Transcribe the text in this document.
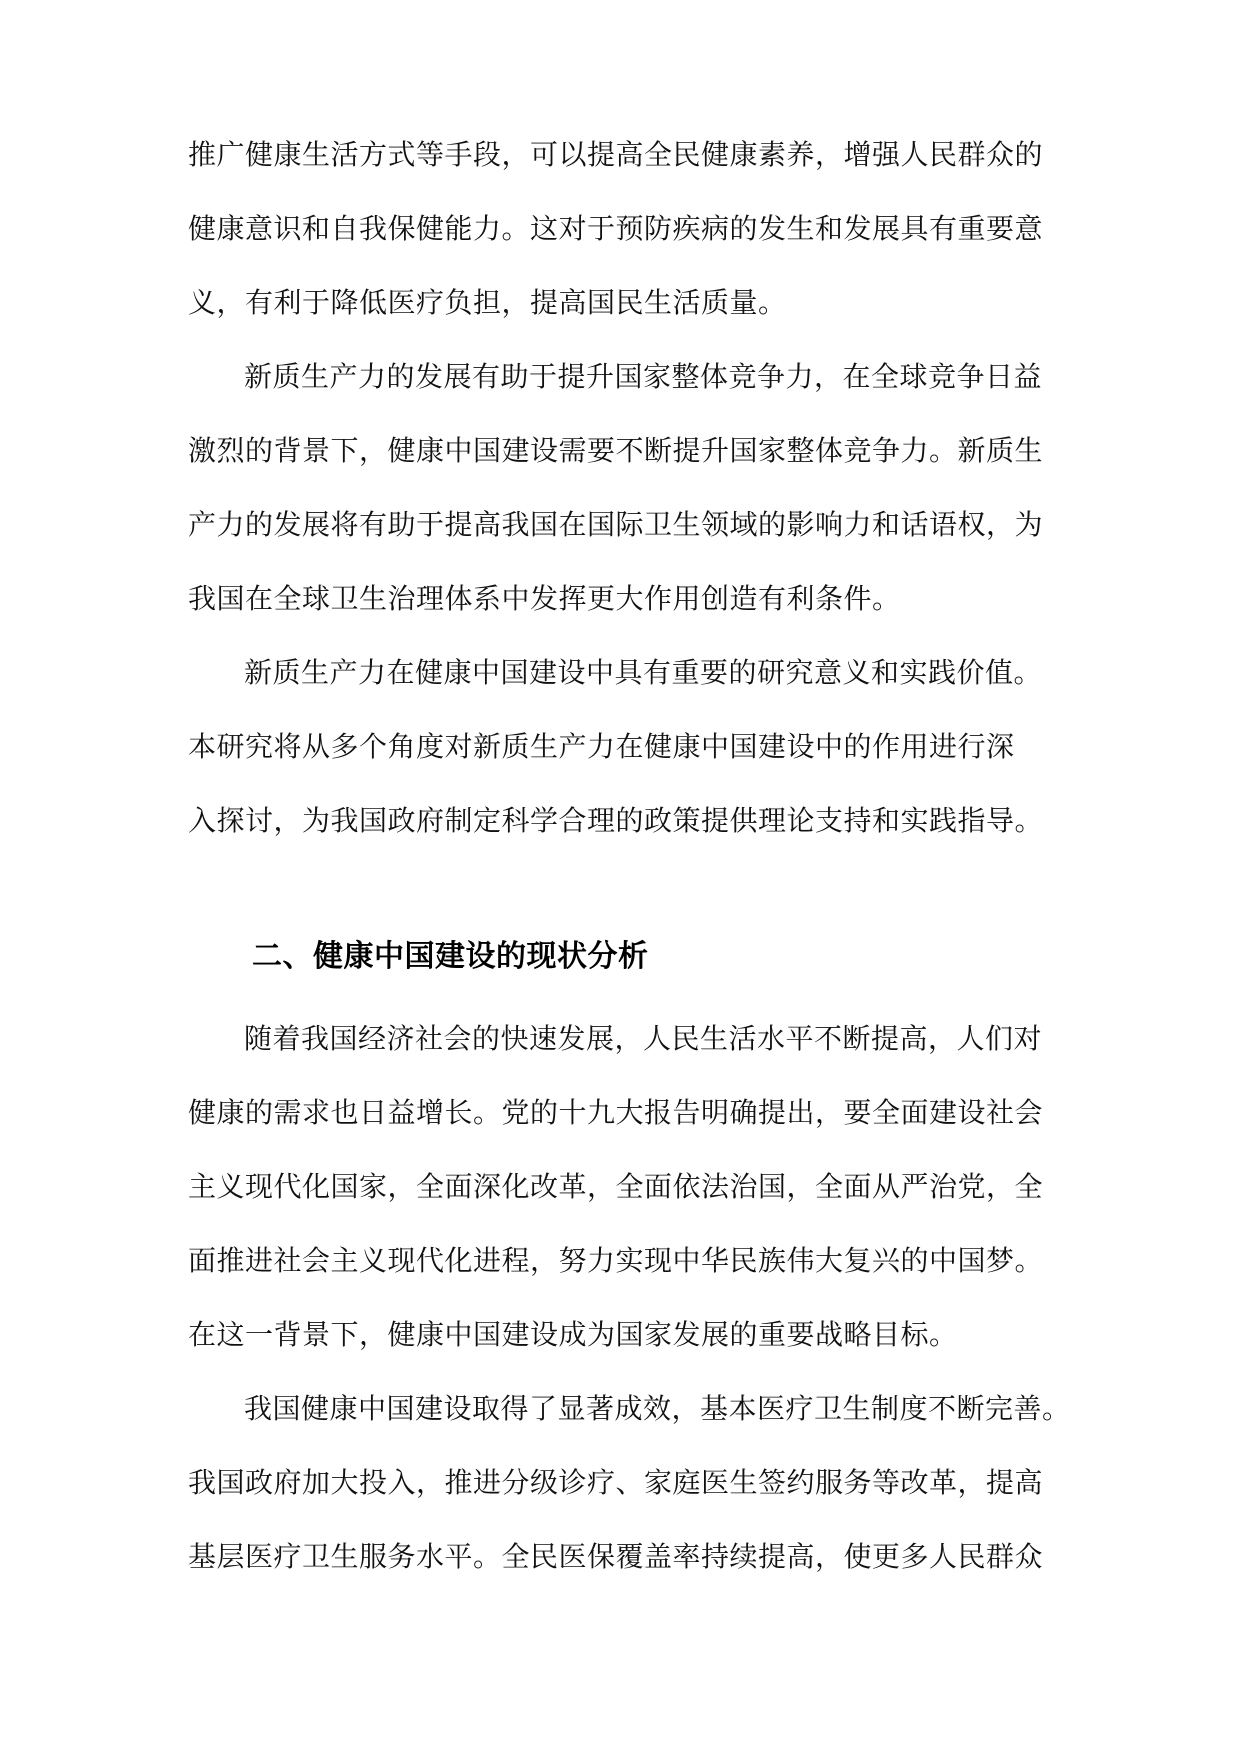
推广健康生活方式等手段，可以提高全民健康素养，增强人民群众的
健康意识和自我保健能力。这对于预防疾病的发生和发展具有重要意
义，有利于降低医疗负担，提高国民生活质量。
新质生产力的发展有助于提升国家整体竞争力，在全球竞争日益
激烈的背景下，健康中国建设需要不断提升国家整体竞争力。新质生
产力的发展将有助于提高我国在国际卫生领域的影响力和话语权，为
我国在全球卫生治理体系中发挥更大作用创造有利条件。
新质生产力在健康中国建设中具有重要的研究意义和实践价值。
本研究将从多个角度对新质生产力在健康中国建设中的作用进行深
入探讨，为我国政府制定科学合理的政策提供理论支持和实践指导。
二、健康中国建设的现状分析
随着我国经济社会的快速发展，人民生活水平不断提高，人们对
健康的需求也日益增长。党的十九大报告明确提出，要全面建设社会
主义现代化国家，全面深化改革，全面依法治国，全面从严治党，全
面推进社会主义现代化进程，努力实现中华民族伟大复兴的中国梦。
在这一背景下，健康中国建设成为国家发展的重要战略目标。
我国健康中国建设取得了显著成效，基本医疗卫生制度不断完善。
我国政府加大投入，推进分级诊疗、家庭医生签约服务等改革，提高
基层医疗卫生服务水平。全民医保覆盖率持续提高，使更多人民群众
